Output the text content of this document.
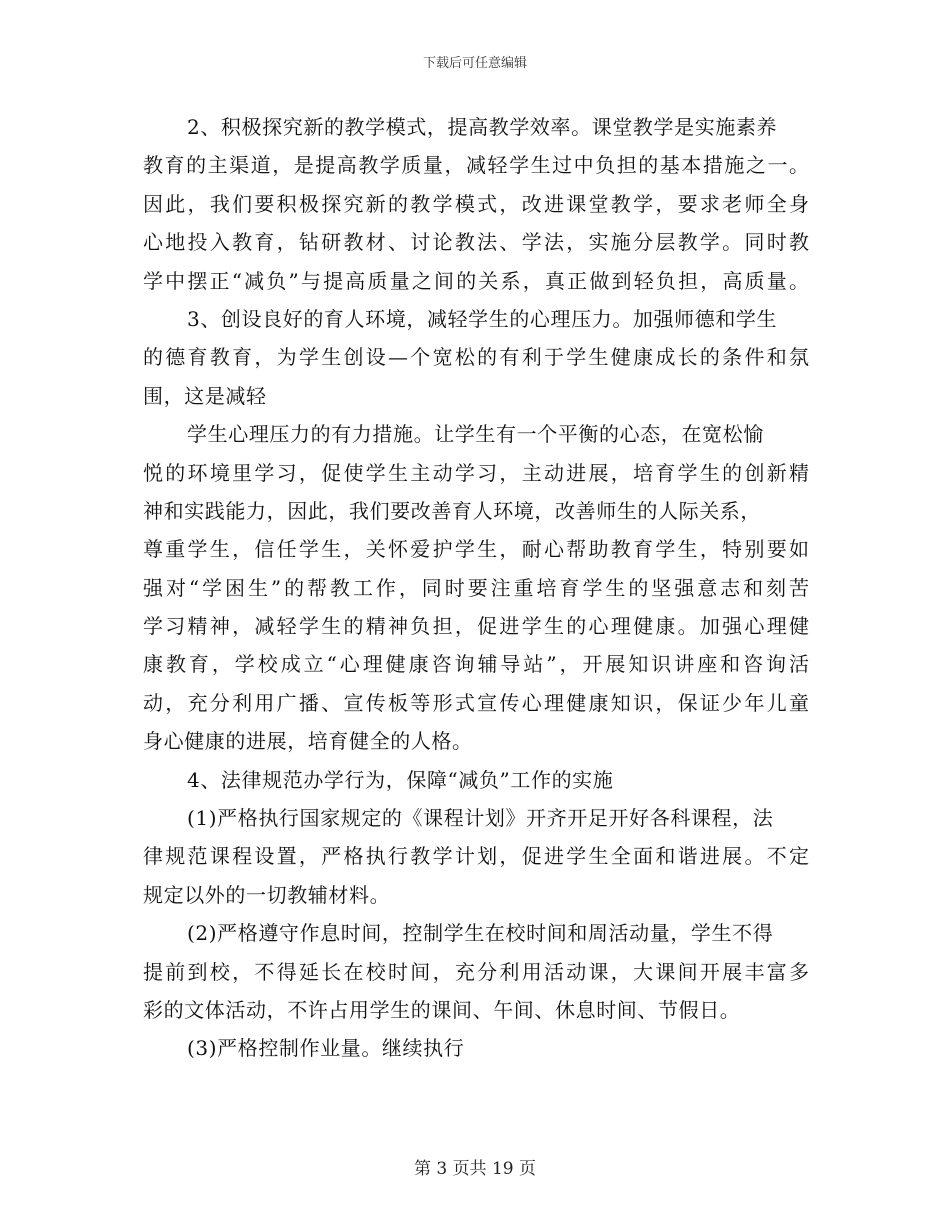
下载后可任意编辑
2、积极探究新的教学模式，提高教学效率。课堂教学是实施素养
教育的主渠道，是提高教学质量，减轻学生过中负担的基本措施之一。
因此，我们要积极探究新的教学模式，改进课堂教学，要求老师全身
心地投入教育，钻研教材、讨论教法、学法，实施分层教学。同时教
学中摆正“减负”与提高质量之间的关系，真正做到轻负担，高质量。
3、创设良好的育人环境，减轻学生的心理压力。加强师德和学生
的德育教育，为学生创设—个宽松的有利于学生健康成长的条件和氛
围，这是减轻
学生心理压力的有力措施。让学生有一个平衡的心态，在宽松愉
悦的环境里学习，促使学生主动学习，主动进展，培育学生的创新精
神和实践能力，因此，我们要改善育人环境，改善师生的人际关系，
尊重学生，信任学生，关怀爱护学生，耐心帮助教育学生，特别要如
强对“学困生”的帮教工作，同时要注重培育学生的坚强意志和刻苦
学习精神，减轻学生的精神负担，促进学生的心理健康。加强心理健
康教育，学校成立“心理健康咨询辅导站”，开展知识讲座和咨询活
动，充分利用广播、宣传板等形式宣传心理健康知识，保证少年儿童
身心健康的进展，培育健全的人格。
4、法律规范办学行为，保障“减负”工作的实施
(1)严格执行国家规定的《课程计划》开齐开足开好各科课程，法
律规范课程设置，严格执行教学计划，促进学生全面和谐进展。不定
规定以外的一切教辅材料。
(2)严格遵守作息时间，控制学生在校时间和周活动量，学生不得
提前到校，不得延长在校时间，充分利用活动课，大课间开展丰富多
彩的文体活动，不许占用学生的课间、午间、休息时间、节假日。
(3)严格控制作业量。继续执行
第 3 页共 19 页
